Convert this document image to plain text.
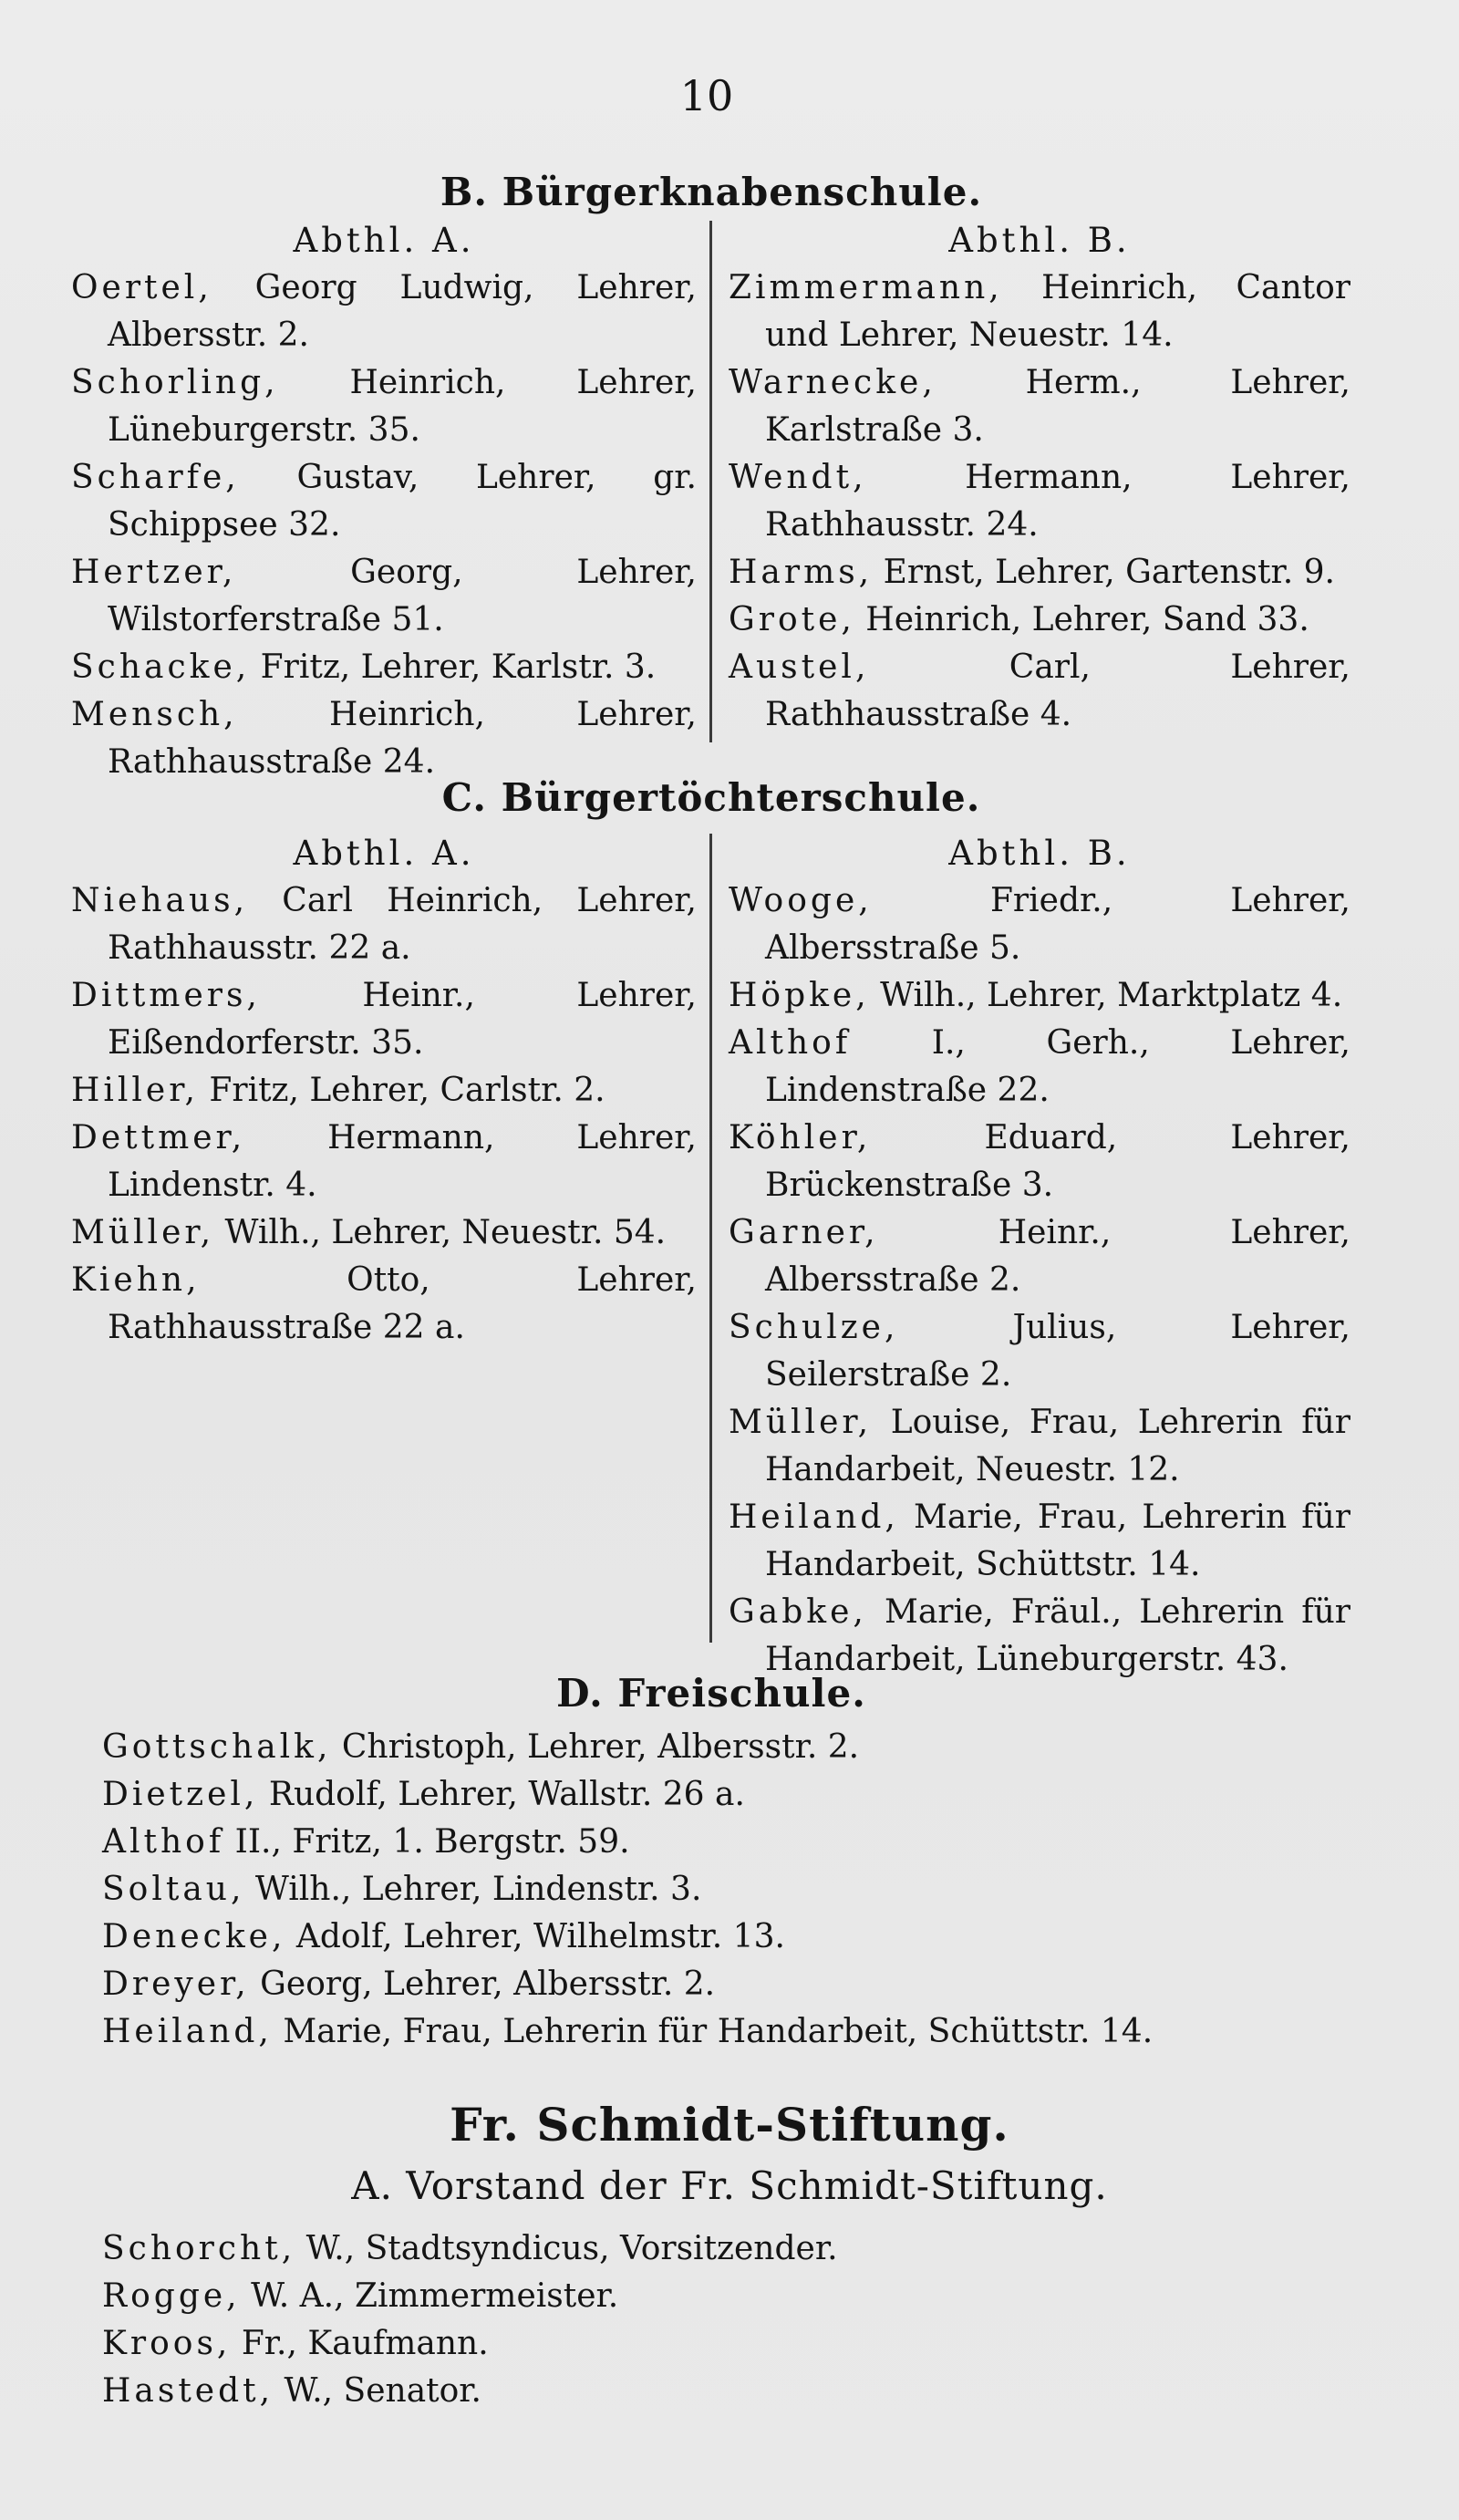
10
B. Bürgerknabenschule.
Abthl. A.
Oertel, Georg Ludwig, Lehrer, Albersstr. 2.
Schorling, Heinrich, Lehrer, Lüneburgerstr. 35.
Scharfe, Gustav, Lehrer, gr. Schippsee 32.
Hertzer, Georg, Lehrer, Wilstorferstraße 51.
Schacke, Fritz, Lehrer, Karlstr. 3.
Mensch, Heinrich, Lehrer, Rathhausstraße 24.
Abthl. B.
Zimmermann, Heinrich, Cantor und Lehrer, Neuestr. 14.
Warnecke, Herm., Lehrer, Karlstraße 3.
Wendt, Hermann, Lehrer, Rathhausstr. 24.
Harms, Ernst, Lehrer, Gartenstr. 9.
Grote, Heinrich, Lehrer, Sand 33.
Austel, Carl, Lehrer, Rathhausstraße 4.
C. Bürgertöchterschule.
Abthl. A.
Niehaus, Carl Heinrich, Lehrer, Rathhausstr. 22 a.
Dittmers, Heinr., Lehrer, Eißendorferstr. 35.
Hiller, Fritz, Lehrer, Carlstr. 2.
Dettmer, Hermann, Lehrer, Lindenstr. 4.
Müller, Wilh., Lehrer, Neuestr. 54.
Kiehn, Otto, Lehrer, Rathhausstraße 22 a.
Abthl. B.
Wooge, Friedr., Lehrer, Albersstraße 5.
Höpke, Wilh., Lehrer, Marktplatz 4.
Althof I., Gerh., Lehrer, Lindenstraße 22.
Köhler, Eduard, Lehrer, Brückenstraße 3.
Garner, Heinr., Lehrer, Albersstraße 2.
Schulze, Julius, Lehrer, Seilerstraße 2.
Müller, Louise, Frau, Lehrerin für Handarbeit, Neuestr. 12.
Heiland, Marie, Frau, Lehrerin für Handarbeit, Schüttstr. 14.
Gabke, Marie, Fräul., Lehrerin für Handarbeit, Lüneburgerstr. 43.
D. Freischule.
Gottschalk, Christoph, Lehrer, Albersstr. 2.
Dietzel, Rudolf, Lehrer, Wallstr. 26 a.
Althof II., Fritz, 1. Bergstr. 59.
Soltau, Wilh., Lehrer, Lindenstr. 3.
Denecke, Adolf, Lehrer, Wilhelmstr. 13.
Dreyer, Georg, Lehrer, Albersstr. 2.
Heiland, Marie, Frau, Lehrerin für Handarbeit, Schüttstr. 14.
Fr. Schmidt-Stiftung.
A. Vorstand der Fr. Schmidt-Stiftung.
Schorcht, W., Stadtsyndicus, Vorsitzender.
Rogge, W. A., Zimmermeister.
Kroos, Fr., Kaufmann.
Hastedt, W., Senator.
